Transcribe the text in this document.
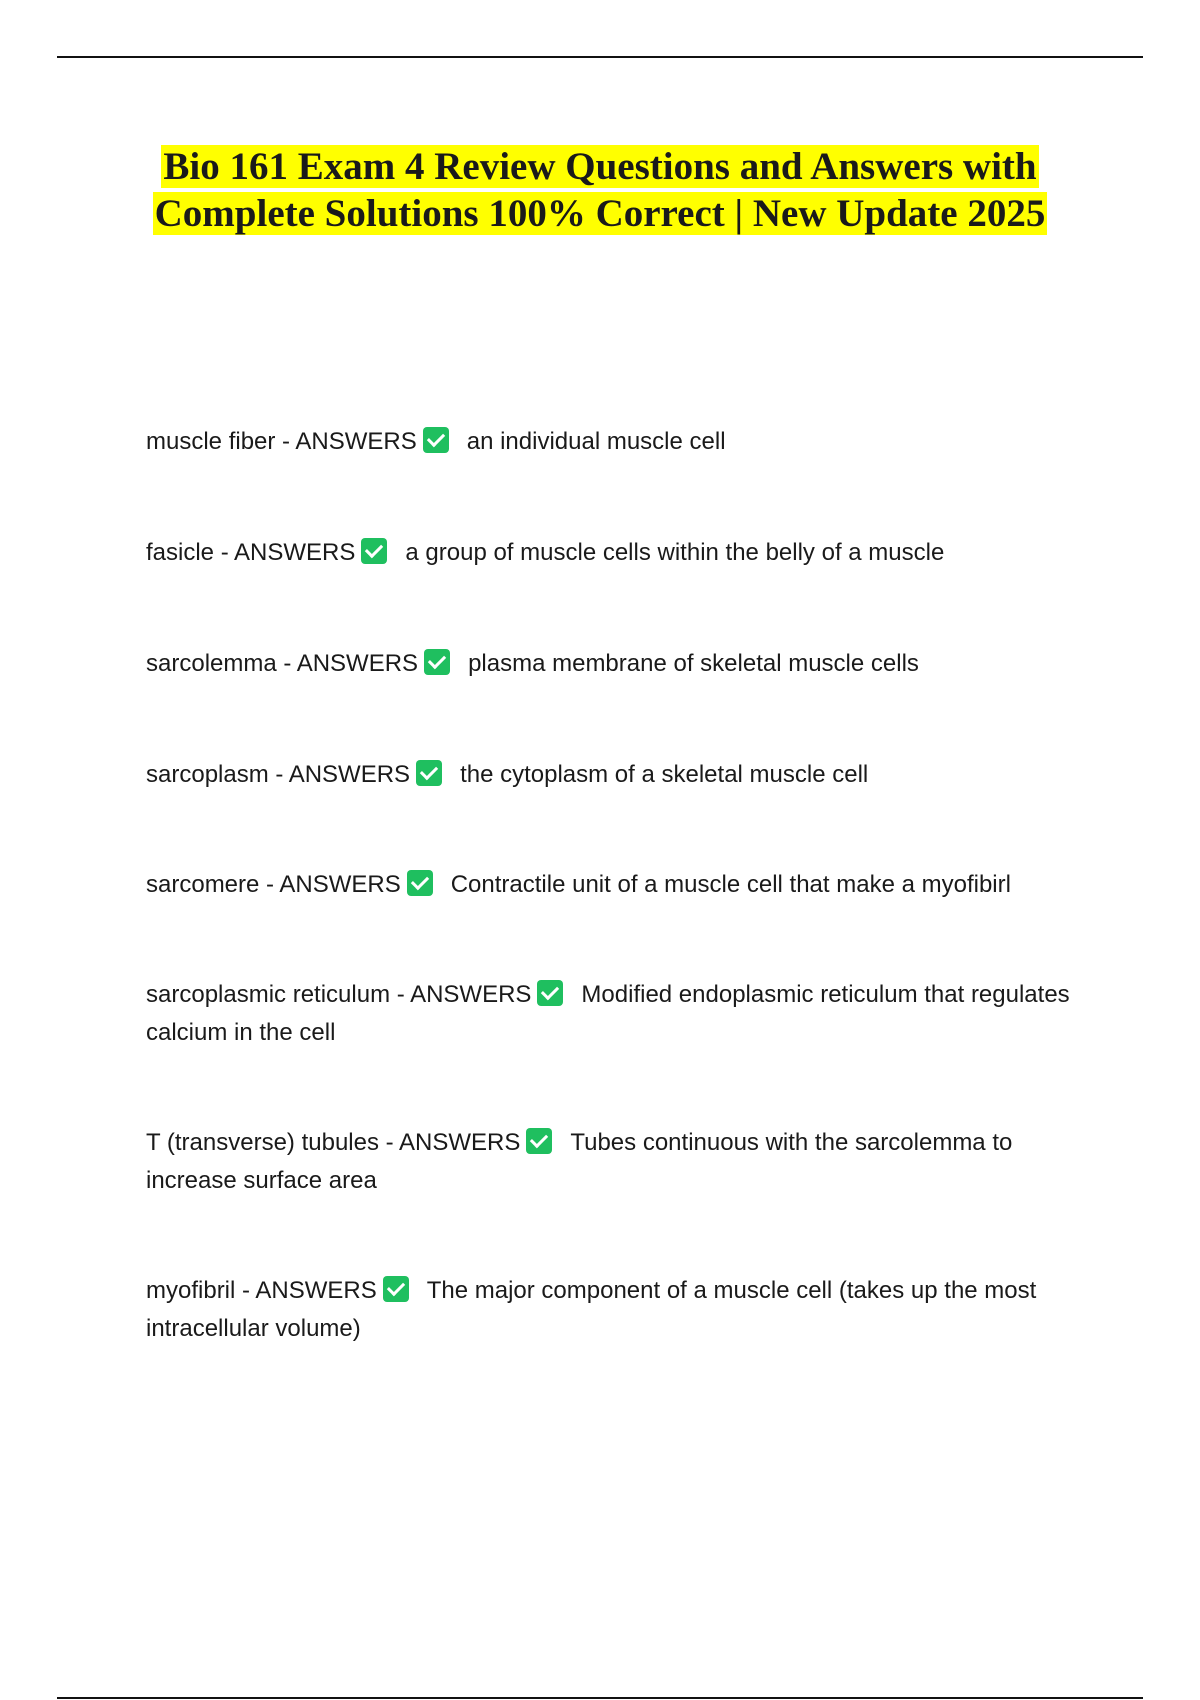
Bio 161 Exam 4 Review Questions and Answers with Complete Solutions 100% Correct | New Update 2025

muscle fiber - ANSWERS an individual muscle cell

fasicle - ANSWERS a group of muscle cells within the belly of a muscle

sarcolemma - ANSWERS plasma membrane of skeletal muscle cells

sarcoplasm - ANSWERS the cytoplasm of a skeletal muscle cell

sarcomere - ANSWERS Contractile unit of a muscle cell that make a myofibirl

sarcoplasmic reticulum - ANSWERS Modified endoplasmic reticulum that regulates calcium in the cell

T (transverse) tubules - ANSWERS Tubes continuous with the sarcolemma to increase surface area

myofibril - ANSWERS The major component of a muscle cell (takes up the most intracellular volume)
